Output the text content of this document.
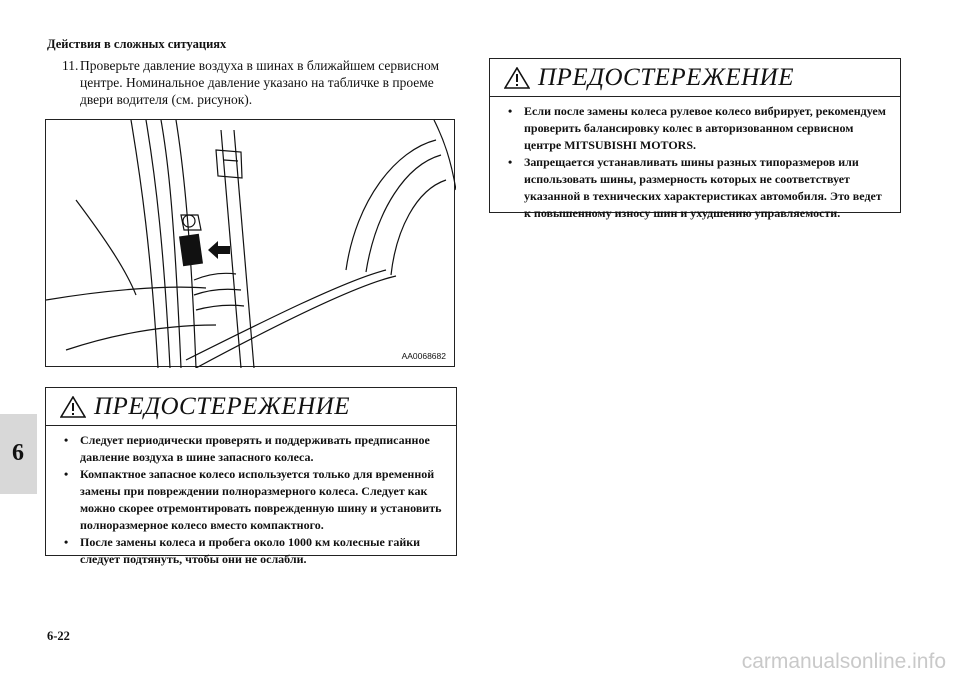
Действия в сложных ситуациях
11. Проверьте давление воздуха в шинах в ближайшем сервисном центре. Номинальное давление указано на табличке в проеме двери водителя (см. рисунок).
AA0068682
6
ПРЕДОСТЕРЕЖЕНИЕ
• Следует периодически проверять и поддерживать предписанное давление воздуха в шине запасного колеса.
• Компактное запасное колесо используется только для временной замены при повреждении полноразмерного колеса. Следует как можно скорее отремонтировать поврежденную шину и установить полноразмерное колесо вместо компактного.
• После замены колеса и пробега около 1000 км колесные гайки следует подтянуть, чтобы они не ослабли.
ПРЕДОСТЕРЕЖЕНИЕ
• Если после замены колеса рулевое колесо вибрирует, рекомендуем проверить балансировку колес в авторизованном сервисном центре MITSUBISHI MOTORS.
• Запрещается устанавливать шины разных типоразмеров или использовать шины, размерность которых не соответствует указанной в технических характеристиках автомобиля. Это ведет к повышенному износу шин и ухудшению управляемости.
6-22
carmanualsonline.info
